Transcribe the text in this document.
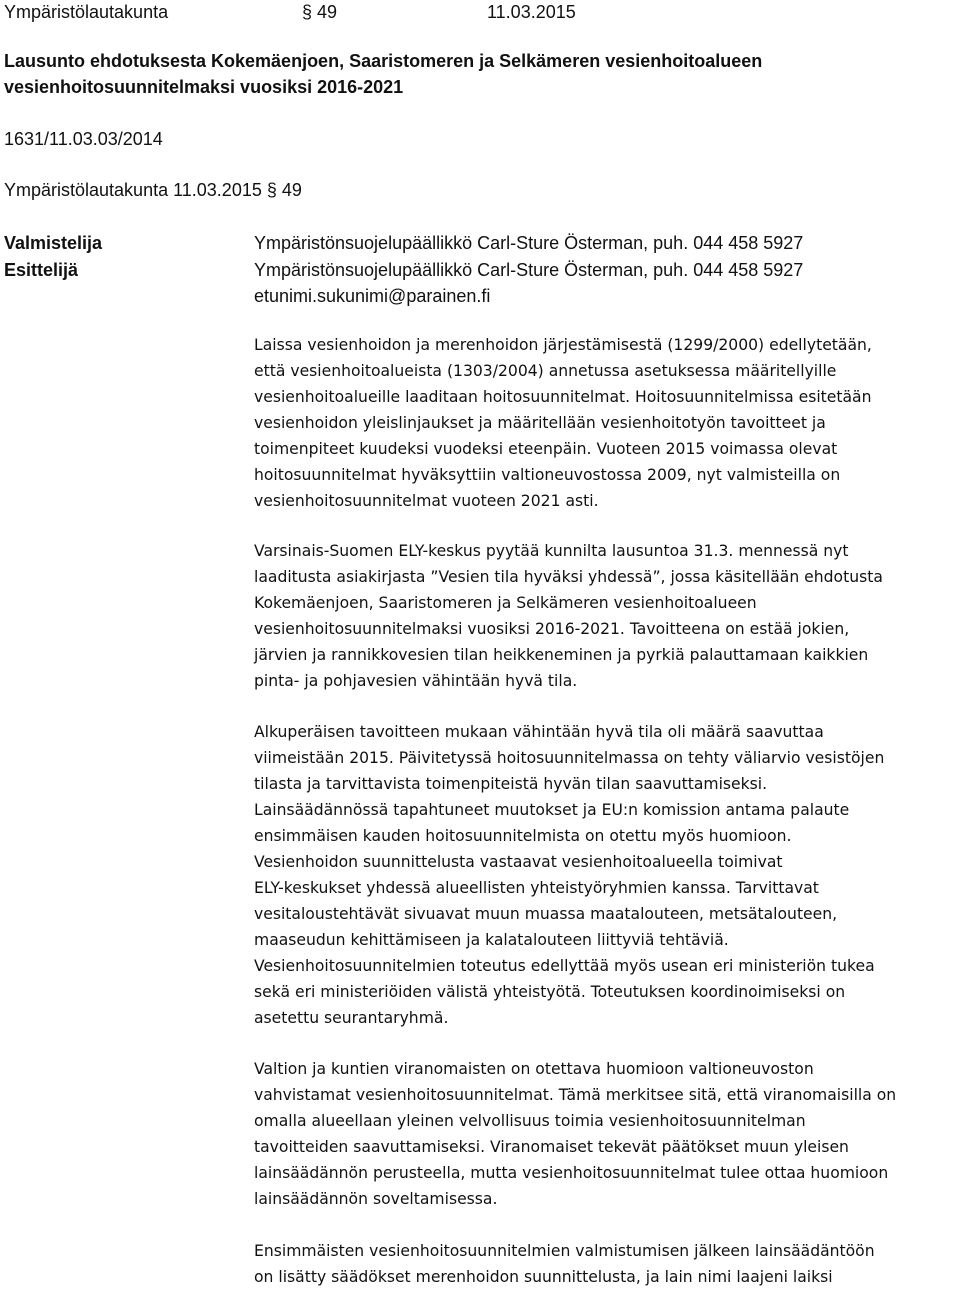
Ympäristölautakunta	§ 49	11.03.2015
Lausunto ehdotuksesta Kokemäenjoen, Saaristomeren ja Selkämeren vesienhoitoalueen
vesienhoitosuunnitelmaksi vuosiksi 2016-2021
1631/11.03.03/2014
Ympäristölautakunta 11.03.2015 § 49
Valmistelija	Ympäristönsuojelupäällikkö Carl-Sture Österman, puh. 044 458 5927
Esittelijä	Ympäristönsuojelupäällikkö Carl-Sture Österman, puh. 044 458 5927
etunimi.sukunimi@parainen.fi
Laissa vesienhoidon ja merenhoidon järjestämisestä (1299/2000) edellytetään,
että vesienhoitoalueista (1303/2004) annetussa asetuksessa määritellyille
vesienhoitoalueille laaditaan hoitosuunnitelmat. Hoitosuunnitelmissa esitetään
vesienhoidon yleislinjaukset ja määritellään vesienhoitotyön tavoitteet ja
toimenpiteet kuudeksi vuodeksi eteenpäin. Vuoteen 2015 voimassa olevat
hoitosuunnitelmat hyväksyttiin valtioneuvostossa 2009, nyt valmisteilla on
vesienhoitosuunnitelmat vuoteen 2021 asti.
Varsinais-Suomen ELY-keskus pyytää kunnilta lausuntoa 31.3. mennessä nyt
laaditusta asiakirjasta ”Vesien tila hyväksi yhdessä”, jossa käsitellään ehdotusta
Kokemäenjoen, Saaristomeren ja Selkämeren vesienhoitoalueen
vesienhoitosuunnitelmaksi vuosiksi 2016-2021. Tavoitteena on estää jokien,
järvien ja rannikkovesien tilan heikkeneminen ja pyrkiä palauttamaan kaikkien
pinta- ja pohjavesien vähintään hyvä tila.
Alkuperäisen tavoitteen mukaan vähintään hyvä tila oli määrä saavuttaa
viimeistään 2015. Päivitetyssä hoitosuunnitelmassa on tehty väliarvio vesistöjen
tilasta ja tarvittavista toimenpiteistä hyvän tilan saavuttamiseksi.
Lainsäädännössä tapahtuneet muutokset ja EU:n komission antama palaute
ensimmäisen kauden hoitosuunnitelmista on otettu myös huomioon.
Vesienhoidon suunnittelusta vastaavat vesienhoitoalueella toimivat
ELY-keskukset yhdessä alueellisten yhteistyöryhmien kanssa. Tarvittavat
vesitaloustehtävät sivuavat muun muassa maatalouteen, metsätalouteen,
maaseudun kehittämiseen ja kalatalouteen liittyviä tehtäviä.
Vesienhoitosuunnitelmien toteutus edellyttää myös usean eri ministeriön tukea
sekä eri ministeriöiden välistä yhteistyötä. Toteutuksen koordinoimiseksi on
asetettu seurantaryhmä.
Valtion ja kuntien viranomaisten on otettava huomioon valtioneuvoston
vahvistamat vesienhoitosuunnitelmat. Tämä merkitsee sitä, että viranomaisilla on
omalla alueellaan yleinen velvollisuus toimia vesienhoitosuunnitelman
tavoitteiden saavuttamiseksi. Viranomaiset tekevät päätökset muun yleisen
lainsäädännön perusteella, mutta vesienhoitosuunnitelmat tulee ottaa huomioon
lainsäädännön soveltamisessa.
Ensimmäisten vesienhoitosuunnitelmien valmistumisen jälkeen lainsäädäntöön
on lisätty säädökset merenhoidon suunnittelusta, ja lain nimi laajeni laiksi
